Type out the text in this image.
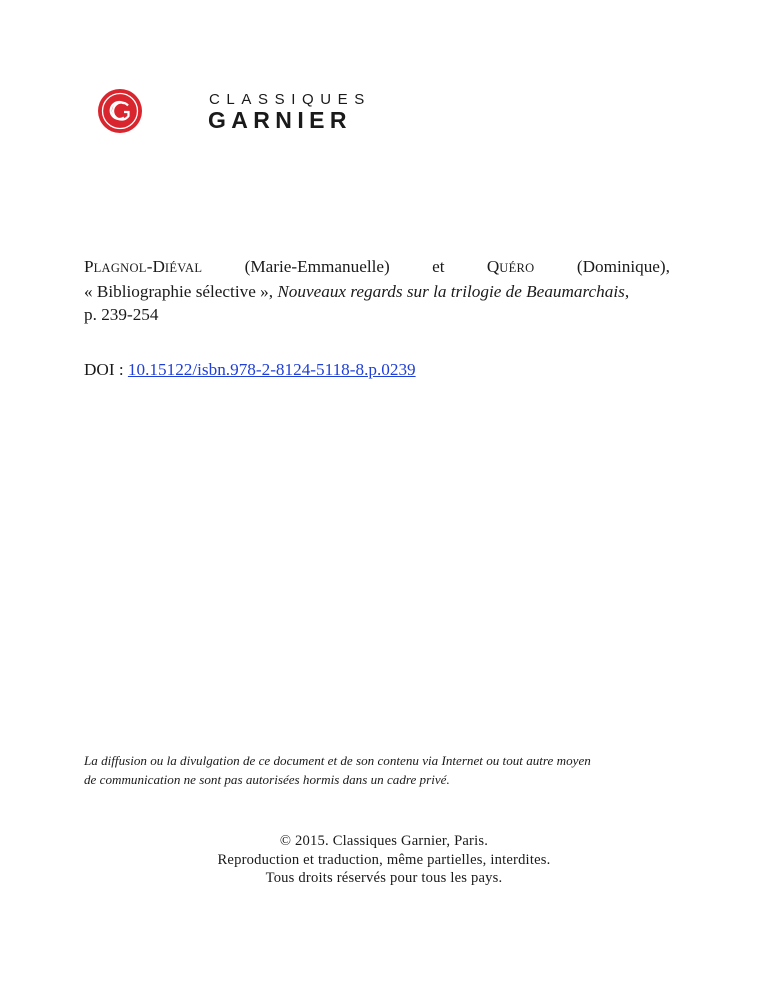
CLASSIQUES
GARNIER
PLAGNOL-DIÉVAL (Marie-Emmanuelle) et QUÉRO (Dominique),
« Bibliographie sélective », Nouveaux regards sur la trilogie de Beaumarchais,
p. 239-254
DOI : 10.15122/isbn.978-2-8124-5118-8.p.0239
La diffusion ou la divulgation de ce document et de son contenu via Internet ou tout autre moyen
de communication ne sont pas autorisées hormis dans un cadre privé.
© 2015. Classiques Garnier, Paris.
Reproduction et traduction, même partielles, interdites.
Tous droits réservés pour tous les pays.
